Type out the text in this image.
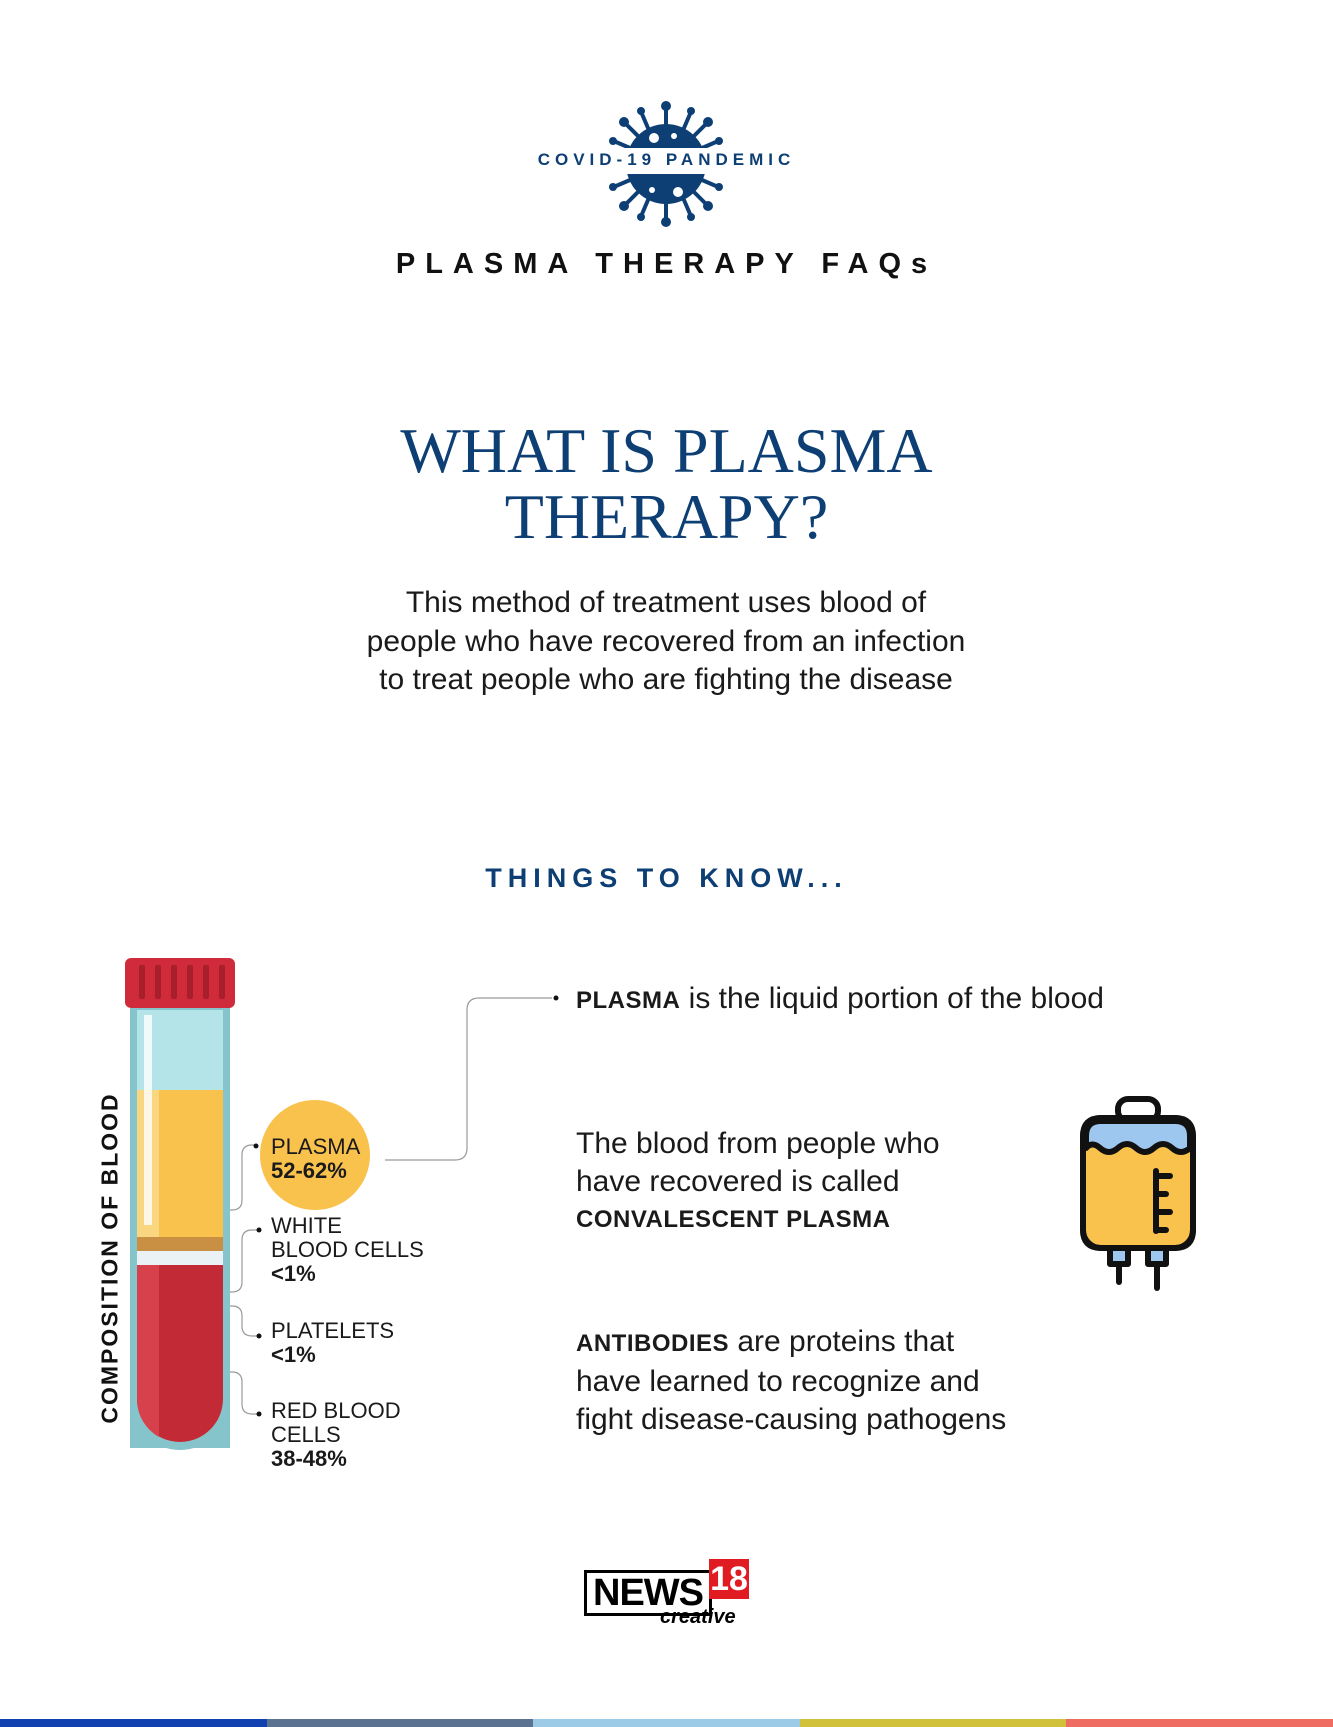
COVID-19 PANDEMIC
PLASMA THERAPY FAQs
WHAT IS PLASMA
THERAPY?
This method of treatment uses blood of people who have recovered from an infection to treat people who are fighting the disease
THINGS TO KNOW...
COMPOSITION OF BLOOD	PLASMA
52-62%
WHITE
BLOOD CELLS
<1%
PLATELETS
<1%
RED BLOOD
CELLS
38-48%
PLASMA is the liquid portion of the blood
The blood from people who
have recovered is called
CONVALESCENT PLASMA
ANTIBODIES are proteins that
have learned to recognize and
fight disease-causing pathogens
NEWS 18
creative
